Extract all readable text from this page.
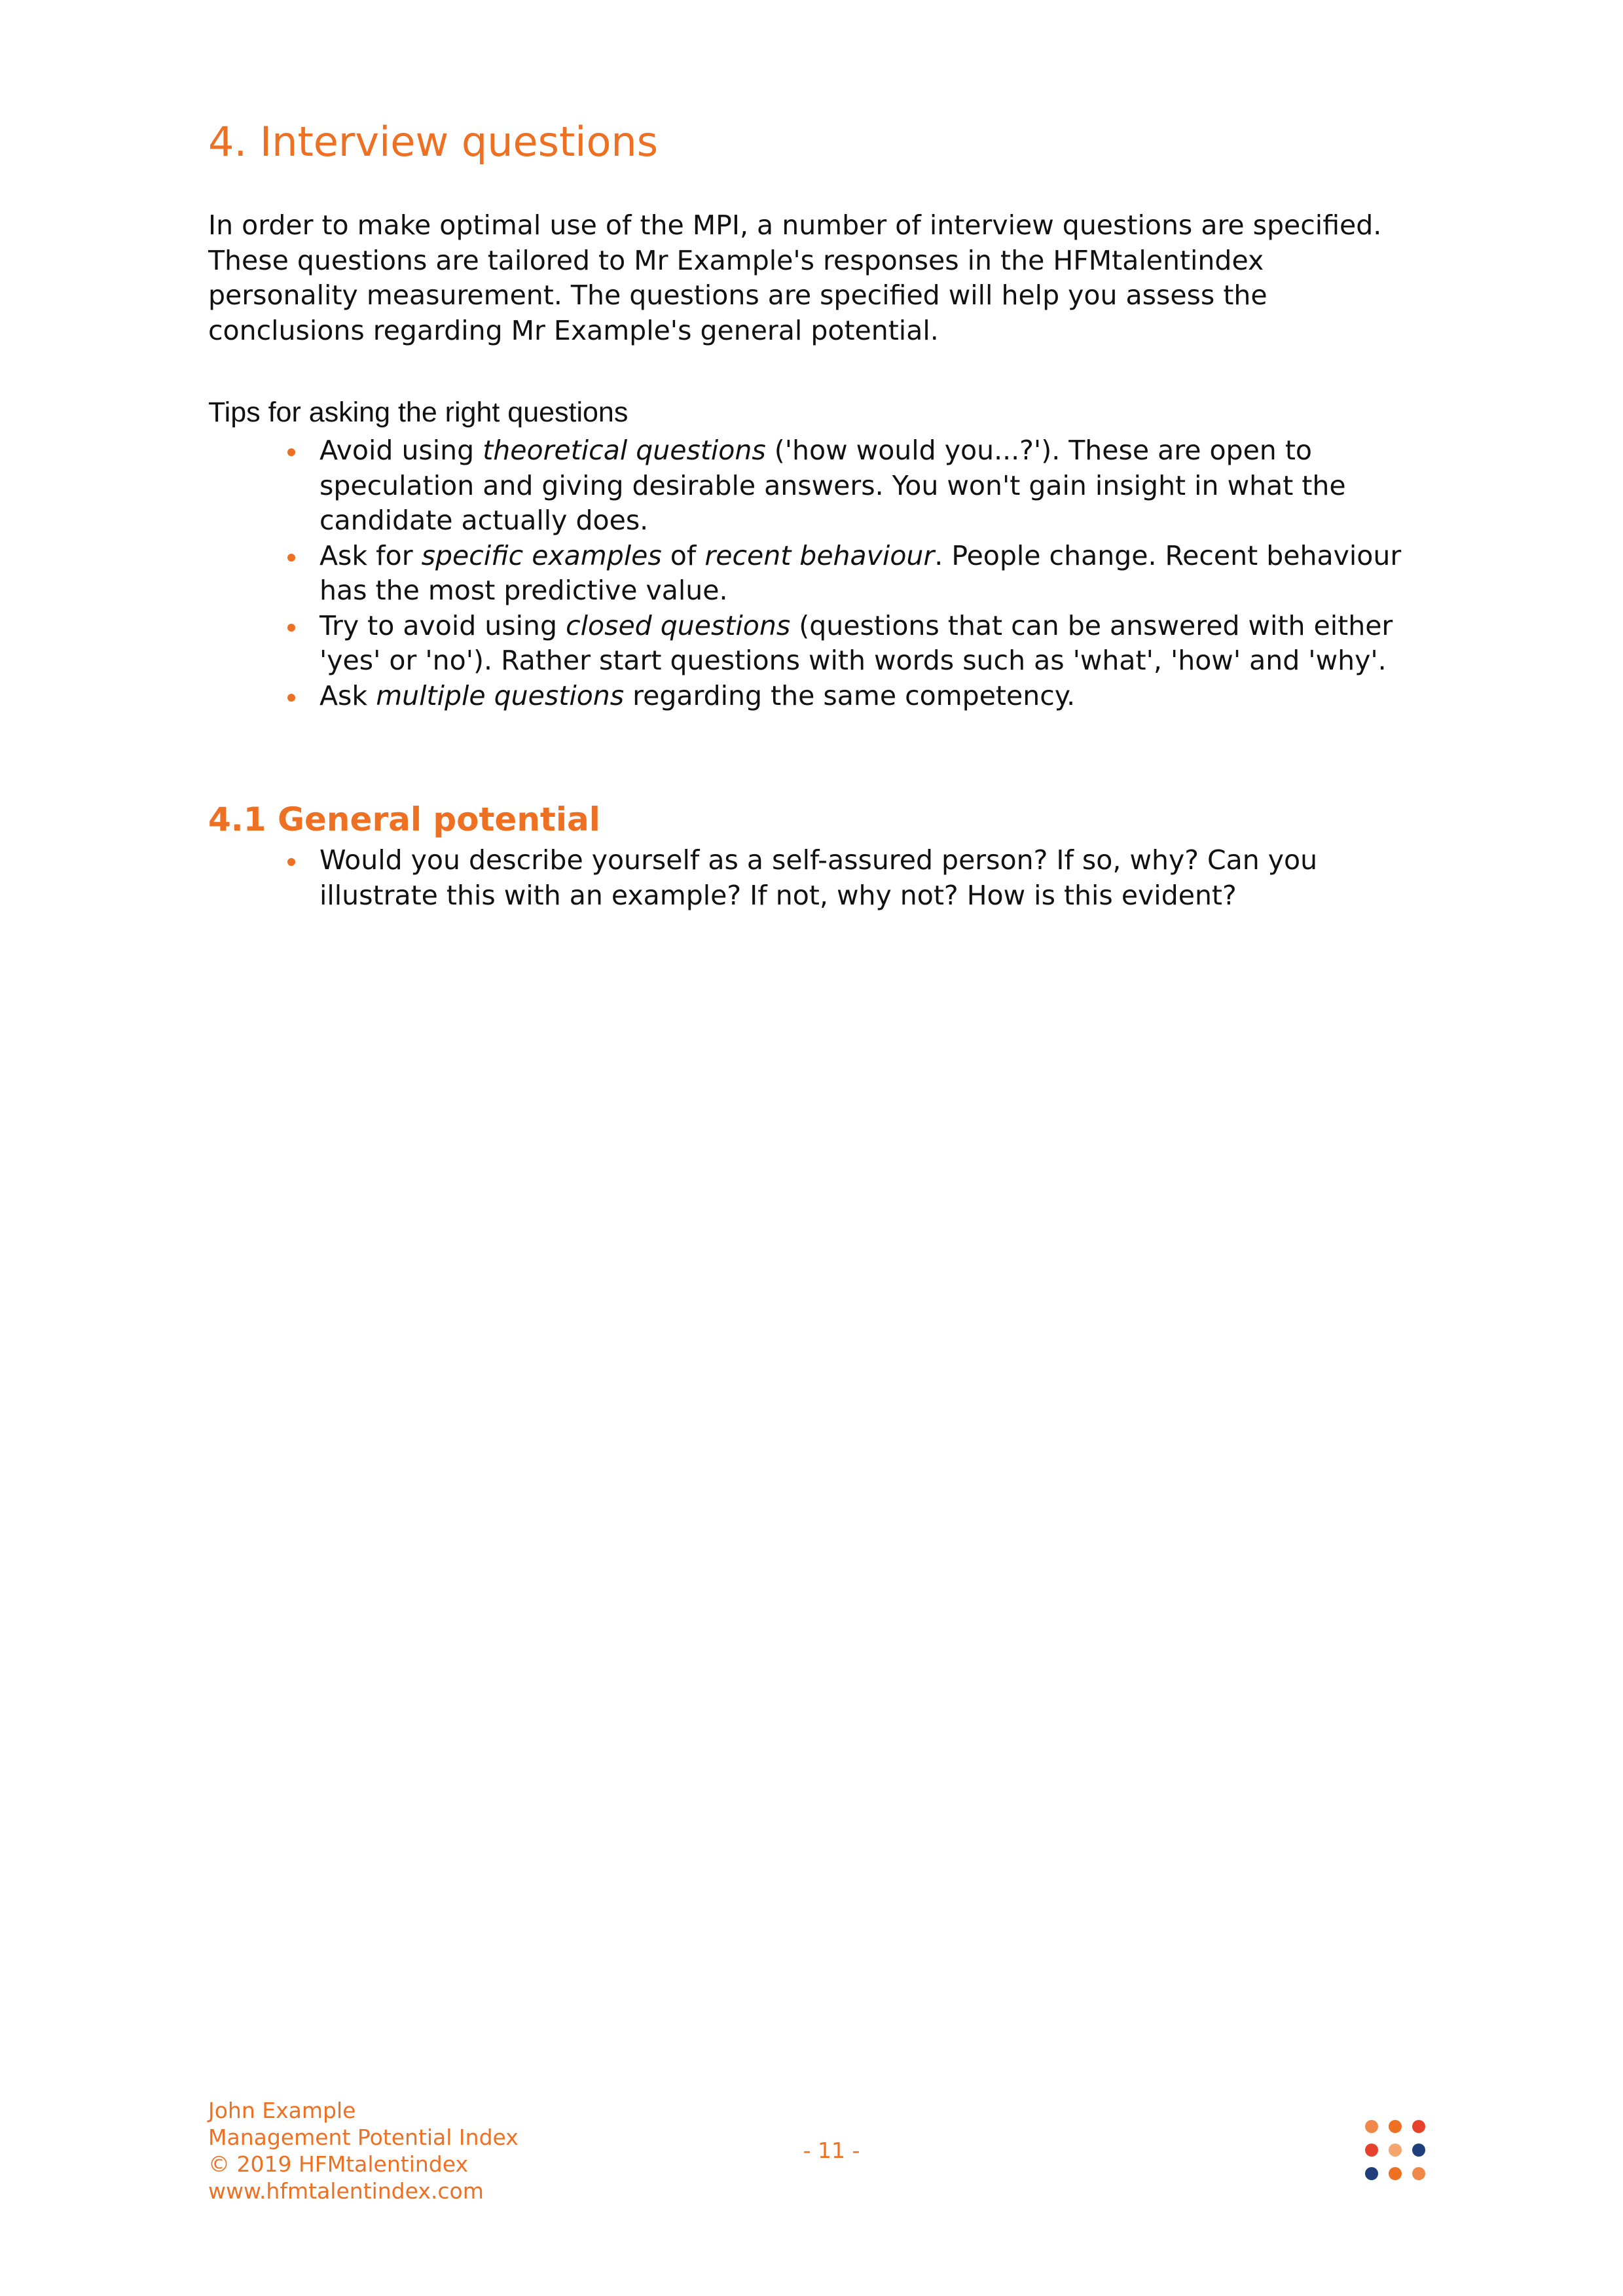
4. Interview questions

In order to make optimal use of the MPI, a number of interview questions are specified. These questions are tailored to Mr Example's responses in the HFMtalentindex personality measurement. The questions are specified will help you assess the conclusions regarding Mr Example's general potential.

Tips for asking the right questions

Avoid using theoretical questions ('how would you...?'). These are open to speculation and giving desirable answers. You won't gain insight in what the candidate actually does.
Ask for specific examples of recent behaviour. People change. Recent behaviour has the most predictive value.
Try to avoid using closed questions (questions that can be answered with either 'yes' or 'no'). Rather start questions with words such as 'what', 'how' and 'why'.
Ask multiple questions regarding the same competency.
4.1 General potential
Would you describe yourself as a self-assured person? If so, why? Can you illustrate this with an example? If not, why not? How is this evident?
John Example
Management Potential Index
© 2019 HFMtalentindex
www.hfmtalentindex.com
- 11 -
